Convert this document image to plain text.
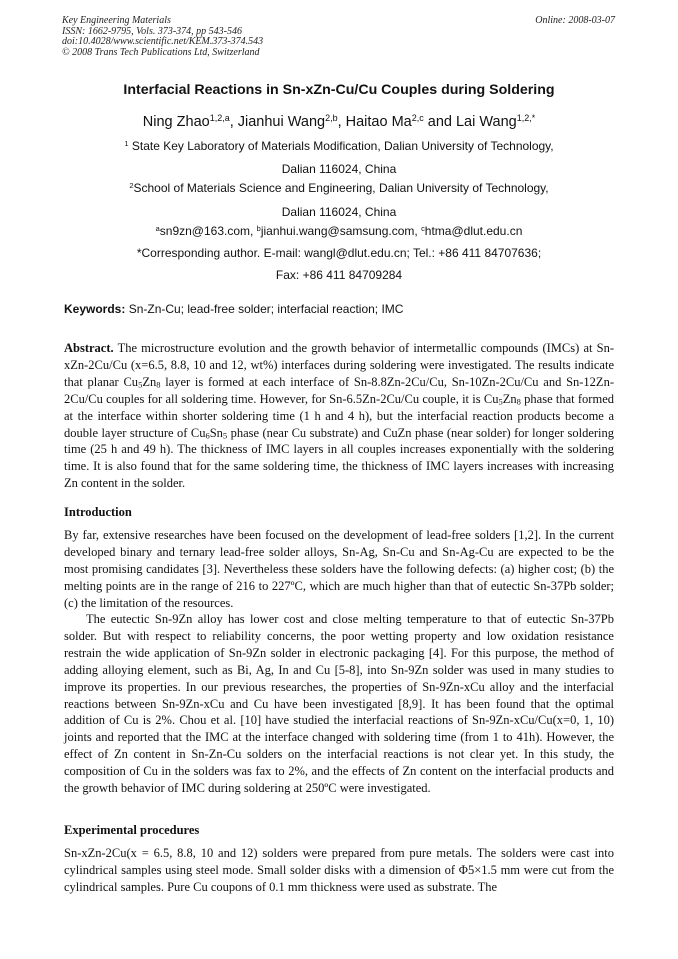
Key Engineering Materials
ISSN: 1662-9795, Vols. 373-374, pp 543-546
doi:10.4028/www.scientific.net/KEM.373-374.543
© 2008 Trans Tech Publications Ltd, Switzerland
Online: 2008-03-07
Interfacial Reactions in Sn-xZn-Cu/Cu Couples during Soldering
Ning Zhao$^{1,2,a}$, Jianhui Wang$^{2,b}$, Haitao Ma$^{2,c}$ and Lai Wang$^{1,2,*}$
$^1$ State Key Laboratory of Materials Modification, Dalian University of Technology,
Dalian 116024, China
$^2$School of Materials Science and Engineering, Dalian University of Technology,
Dalian 116024, China
$^a$sn9zn@163.com, $^b$jianhui.wang@samsung.com, $^c$htma@dlut.edu.cn
*Corresponding author. E-mail: wangl@dlut.edu.cn; Tel.: +86 411 84707636;
Fax: +86 411 84709284
Keywords: Sn-Zn-Cu; lead-free solder; interfacial reaction; IMC
Abstract. The microstructure evolution and the growth behavior of intermetallic compounds (IMCs) at Sn-xZn-2Cu/Cu (x=6.5, 8.8, 10 and 12, wt%) interfaces during soldering were investigated. The results indicate that planar $Cu_5Zn_8$ layer is formed at each interface of Sn-8.8Zn-2Cu/Cu, Sn-10Zn-2Cu/Cu and Sn-12Zn-2Cu/Cu couples for all soldering time. However, for Sn-6.5Zn-2Cu/Cu couple, it is $Cu_5Zn_8$ phase that formed at the interface within shorter soldering time (1 h and 4 h), but the interfacial reaction products become a double layer structure of $Cu_6Sn_5$ phase (near Cu substrate) and CuZn phase (near solder) for longer soldering time (25 h and 49 h). The thickness of IMC layers in all couples increases exponentially with the soldering time. It is also found that for the same soldering time, the thickness of IMC layers increases with increasing Zn content in the solder.
Introduction
By far, extensive researches have been focused on the development of lead-free solders [1,2]. In the current developed binary and ternary lead-free solder alloys, Sn-Ag, Sn-Cu and Sn-Ag-Cu are expected to be the most promising candidates [3]. Nevertheless these solders have the following defects: (a) higher cost; (b) the melting points are in the range of 216 to 227ºC, which are much higher than that of eutectic Sn-37Pb solder; (c) the limitation of the resources.
The eutectic Sn-9Zn alloy has lower cost and close melting temperature to that of eutectic Sn-37Pb solder. But with respect to reliability concerns, the poor wetting property and low oxidation resistance restrain the wide application of Sn-9Zn solder in electronic packaging [4]. For this purpose, the method of adding alloying element, such as Bi, Ag, In and Cu [5-8], into Sn-9Zn solder was used in many studies to improve its properties. In our previous researches, the properties of Sn-9Zn-xCu alloy and the interfacial reactions between Sn-9Zn-xCu and Cu have been investigated [8,9]. It has been found that the optimal addition of Cu is 2%. Chou et al. [10] have studied the interfacial reactions of Sn-9Zn-xCu/Cu(x=0, 1, 10) joints and reported that the IMC at the interface changed with soldering time (from 1 to 41h). However, the effect of Zn content in Sn-Zn-Cu solders on the interfacial reactions is not clear yet. In this study, the composition of Cu in the solders was fax to 2%, and the effects of Zn content on the interfacial products and the growth behavior of IMC during soldering at 250ºC were investigated.
Experimental procedures
Sn-xZn-2Cu(x = 6.5, 8.8, 10 and 12) solders were prepared from pure metals. The solders were cast into cylindrical samples using steel mode. Small solder disks with a dimension of Φ5×1.5 mm were cut from the cylindrical samples. Pure Cu coupons of 0.1 mm thickness were used as substrate. The
